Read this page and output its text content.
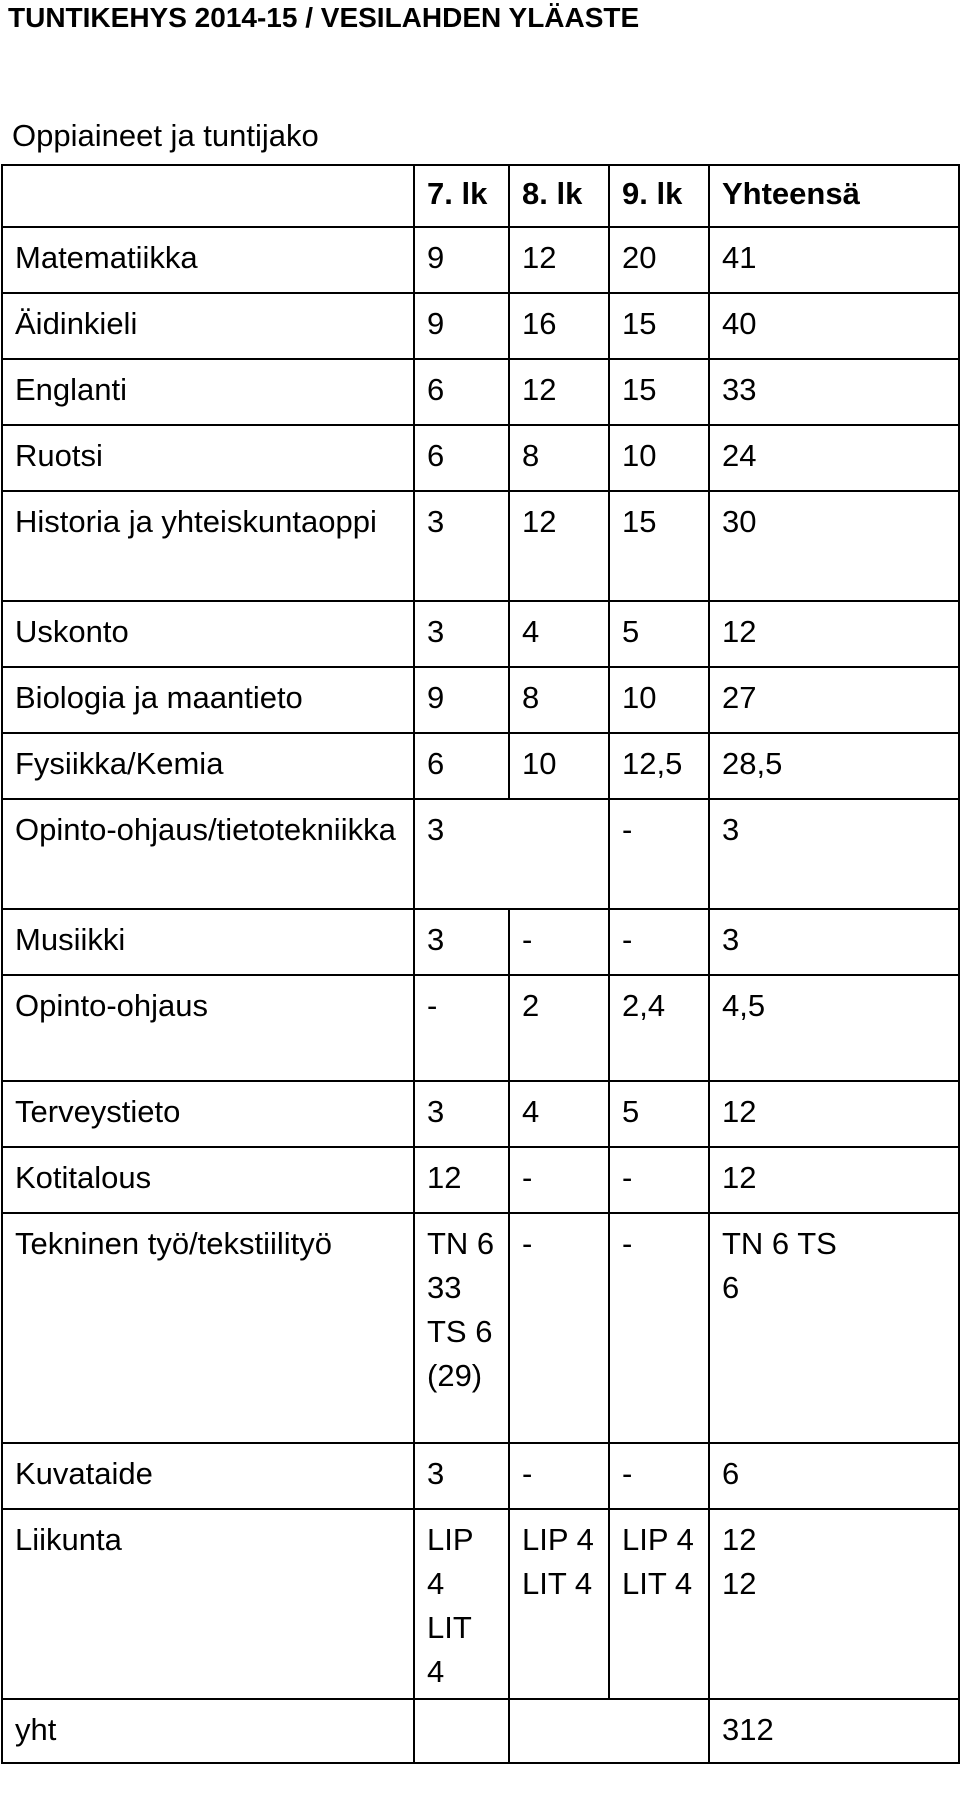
TUNTIKEHYS 2014-15 / VESILAHDEN YLÄASTE
Oppiaineet ja tuntijako
	7. lk	8. lk	9. lk	Yhteensä
Matematiikka	9	12	20	41
Äidinkieli	9	16	15	40
Englanti	6	12	15	33
Ruotsi	6	8	10	24
Historia ja yhteiskuntaoppi	3	12	15	30
Uskonto	3	4	5	12
Biologia ja maantieto	9	8	10	27
Fysiikka/Kemia	6	10	12,5	28,5
Opinto-ohjaus/tietotekniikka	3		-	3
Musiikki	3	-	-	3
Opinto-ohjaus	-	2	2,4	4,5
Terveystieto	3	4	5	12
Kotitalous	12	-	-	12
Tekninen työ/tekstiilityö	TN 6 33 TS 6 (29)	-	-	TN 6 TS 6
Kuvataide	3	-	-	6
Liikunta	LIP 4 LIT 4	LIP 4 LIT 4	LIP 4 LIT 4	12 12
yht				312
